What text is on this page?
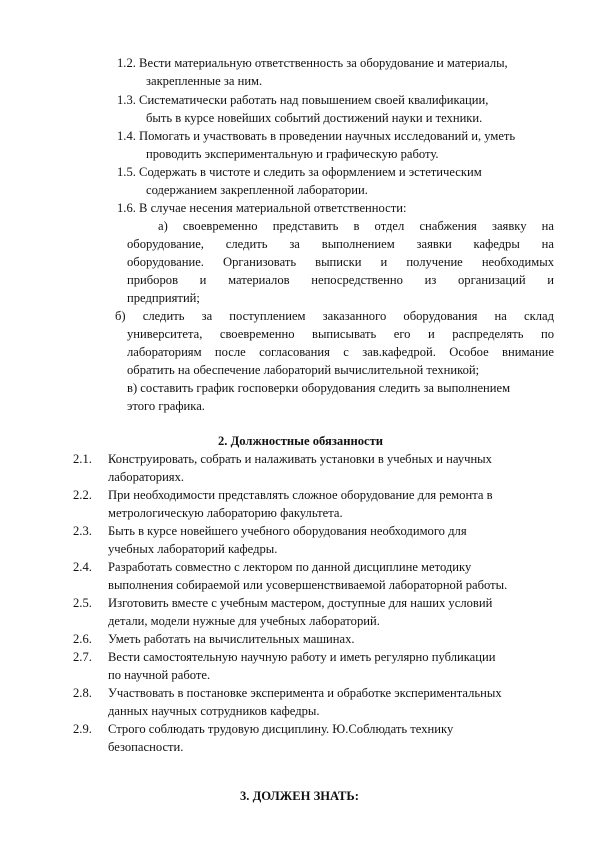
1.2. Вести материальную ответственность за оборудование и материалы,
закрепленные за ним.
1.3. Систематически работать над повышением своей квалификации,
быть в курсе новейших событий достижений науки и техники.
1.4. Помогать и участвовать в проведении научных исследований и, уметь
проводить экспериментальную и графическую работу.
1.5. Содержать в чистоте и следить за оформлением и эстетическим
содержанием закрепленной лаборатории.
1.6. В случае несения материальной ответственности:
а) своевременно представить в отдел снабжения заявку на
оборудование, следить за выполнением заявки кафедры на
оборудование. Организовать выписки и получение необходимых
приборов и материалов непосредственно из организаций и
предприятий;
б) следить за поступлением заказанного оборудования на склад
университета, своевременно выписывать его и распределять по
лабораториям после согласования с зав.кафедрой. Особое внимание
обратить на обеспечение лабораторий вычислительной техникой;
в) составить график госповерки оборудования следить за выполнением
этого графика.
2. Должностные обязанности
2.1. Конструировать, собрать и налаживать установки в учебных и научных
лабораториях.
2.2. При необходимости представлять сложное оборудование для ремонта в
метрологическую лабораторию факультета.
2.3. Быть в курсе новейшего учебного оборудования необходимого для
учебных лабораторий кафедры.
2.4. Разработать совместно с лектором по данной дисциплине методику
выполнения собираемой или усовершенствиваемой лабораторной работы.
2.5. Изготовить вместе с учебным мастером, доступные для наших условий
детали, модели нужные для учебных лабораторий.
2.6. Уметь работать на вычислительных машинах.
2.7. Вести самостоятельную научную работу и иметь регулярно публикации
по научной работе.
2.8. Участвовать в постановке эксперимента и обработке экспериментальных
данных научных сотрудников кафедры.
2.9. Строго соблюдать трудовую дисциплину. Ю.Соблюдать технику
безопасности.
3. ДОЛЖЕН ЗНАТЬ:
